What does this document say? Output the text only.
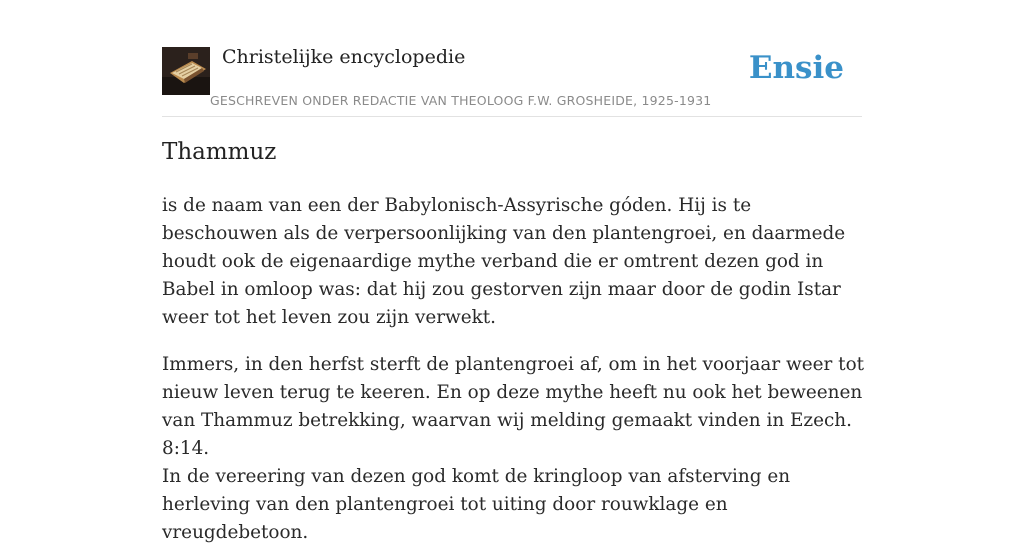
Christelijke encyclopedie
GESCHREVEN ONDER REDACTIE VAN THEOLOOG F.W. GROSHEIDE, 1925-1931
Ensie
Thammuz

is de naam van een der Babylonisch-Assyrische góden. Hij is te beschouwen als de verpersoonlijking van den plantengroei, en daarmede houdt ook de eigenaardige mythe verband die er omtrent dezen god in Babel in omloop was: dat hij zou gestorven zijn maar door de godin Istar weer tot het leven zou zijn verwekt.

Immers, in den herfst sterft de plantengroei af, om in het voorjaar weer tot nieuw leven terug te keeren. En op deze mythe heeft nu ook het beweenen van Thammuz betrekking, waarvan wij melding gemaakt vinden in Ezech. 8:14.

In de vereering van dezen god komt de kringloop van afsterving en herleving van den plantengroei tot uiting door rouwklage en vreugdebetoon.
